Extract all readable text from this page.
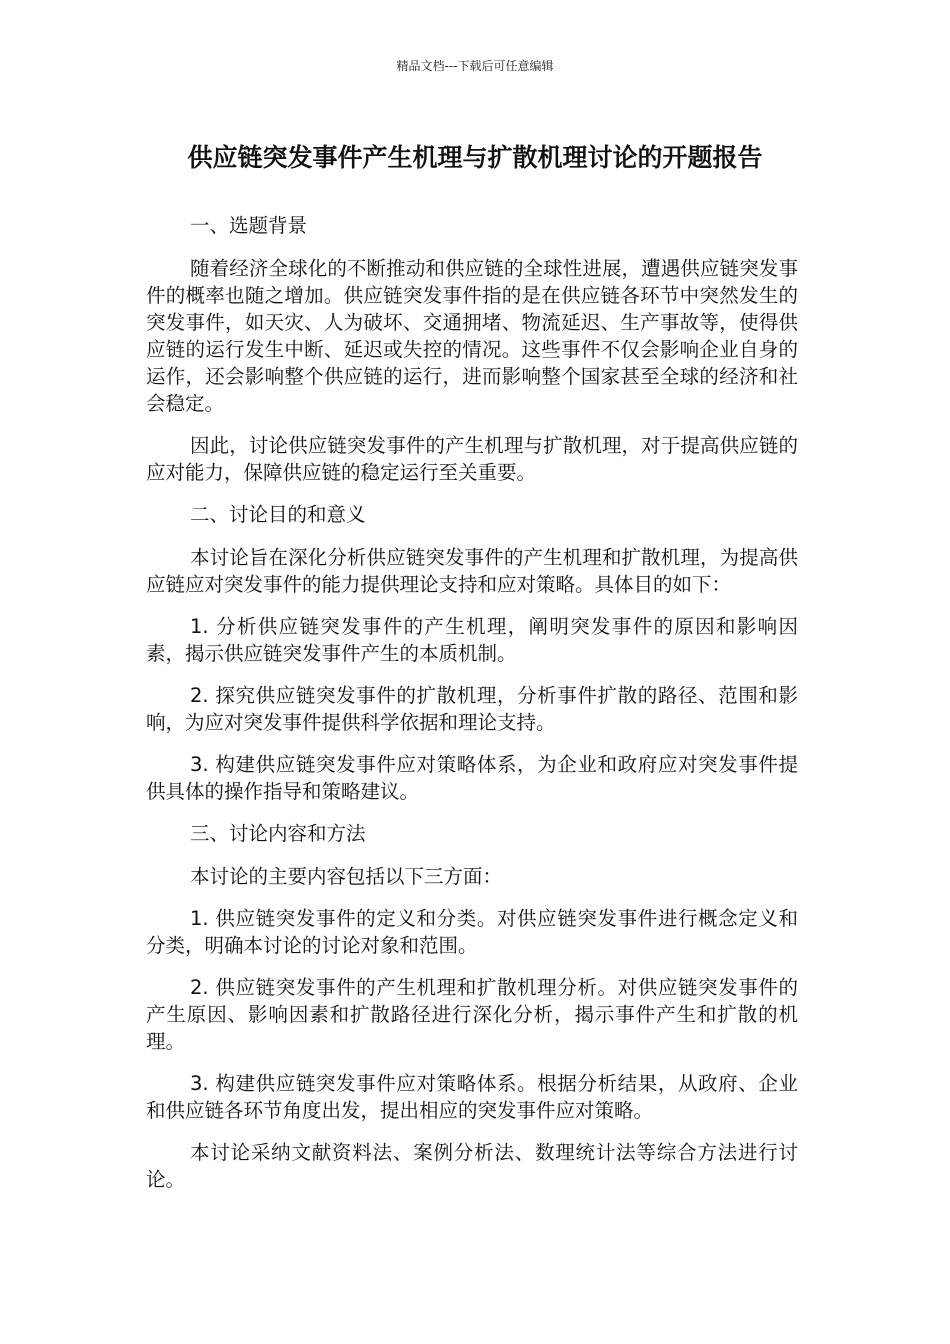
精品文档---下载后可任意编辑
供应链突发事件产生机理与扩散机理讨论的开题报告

一、选题背景

随着经济全球化的不断推动和供应链的全球性进展，遭遇供应链突发事件的概率也随之增加。供应链突发事件指的是在供应链各环节中突然发生的突发事件，如天灾、人为破坏、交通拥堵、物流延迟、生产事故等，使得供应链的运行发生中断、延迟或失控的情况。这些事件不仅会影响企业自身的运作，还会影响整个供应链的运行，进而影响整个国家甚至全球的经济和社会稳定。

因此，讨论供应链突发事件的产生机理与扩散机理，对于提高供应链的应对能力，保障供应链的稳定运行至关重要。

二、讨论目的和意义

本讨论旨在深化分析供应链突发事件的产生机理和扩散机理，为提高供应链应对突发事件的能力提供理论支持和应对策略。具体目的如下：

1. 分析供应链突发事件的产生机理，阐明突发事件的原因和影响因素，揭示供应链突发事件产生的本质机制。

2. 探究供应链突发事件的扩散机理，分析事件扩散的路径、范围和影响，为应对突发事件提供科学依据和理论支持。

3. 构建供应链突发事件应对策略体系，为企业和政府应对突发事件提供具体的操作指导和策略建议。

三、讨论内容和方法

本讨论的主要内容包括以下三方面：

1. 供应链突发事件的定义和分类。对供应链突发事件进行概念定义和分类，明确本讨论的讨论对象和范围。

2. 供应链突发事件的产生机理和扩散机理分析。对供应链突发事件的产生原因、影响因素和扩散路径进行深化分析，揭示事件产生和扩散的机理。

3. 构建供应链突发事件应对策略体系。根据分析结果，从政府、企业和供应链各环节角度出发，提出相应的突发事件应对策略。

本讨论采纳文献资料法、案例分析法、数理统计法等综合方法进行讨论。
